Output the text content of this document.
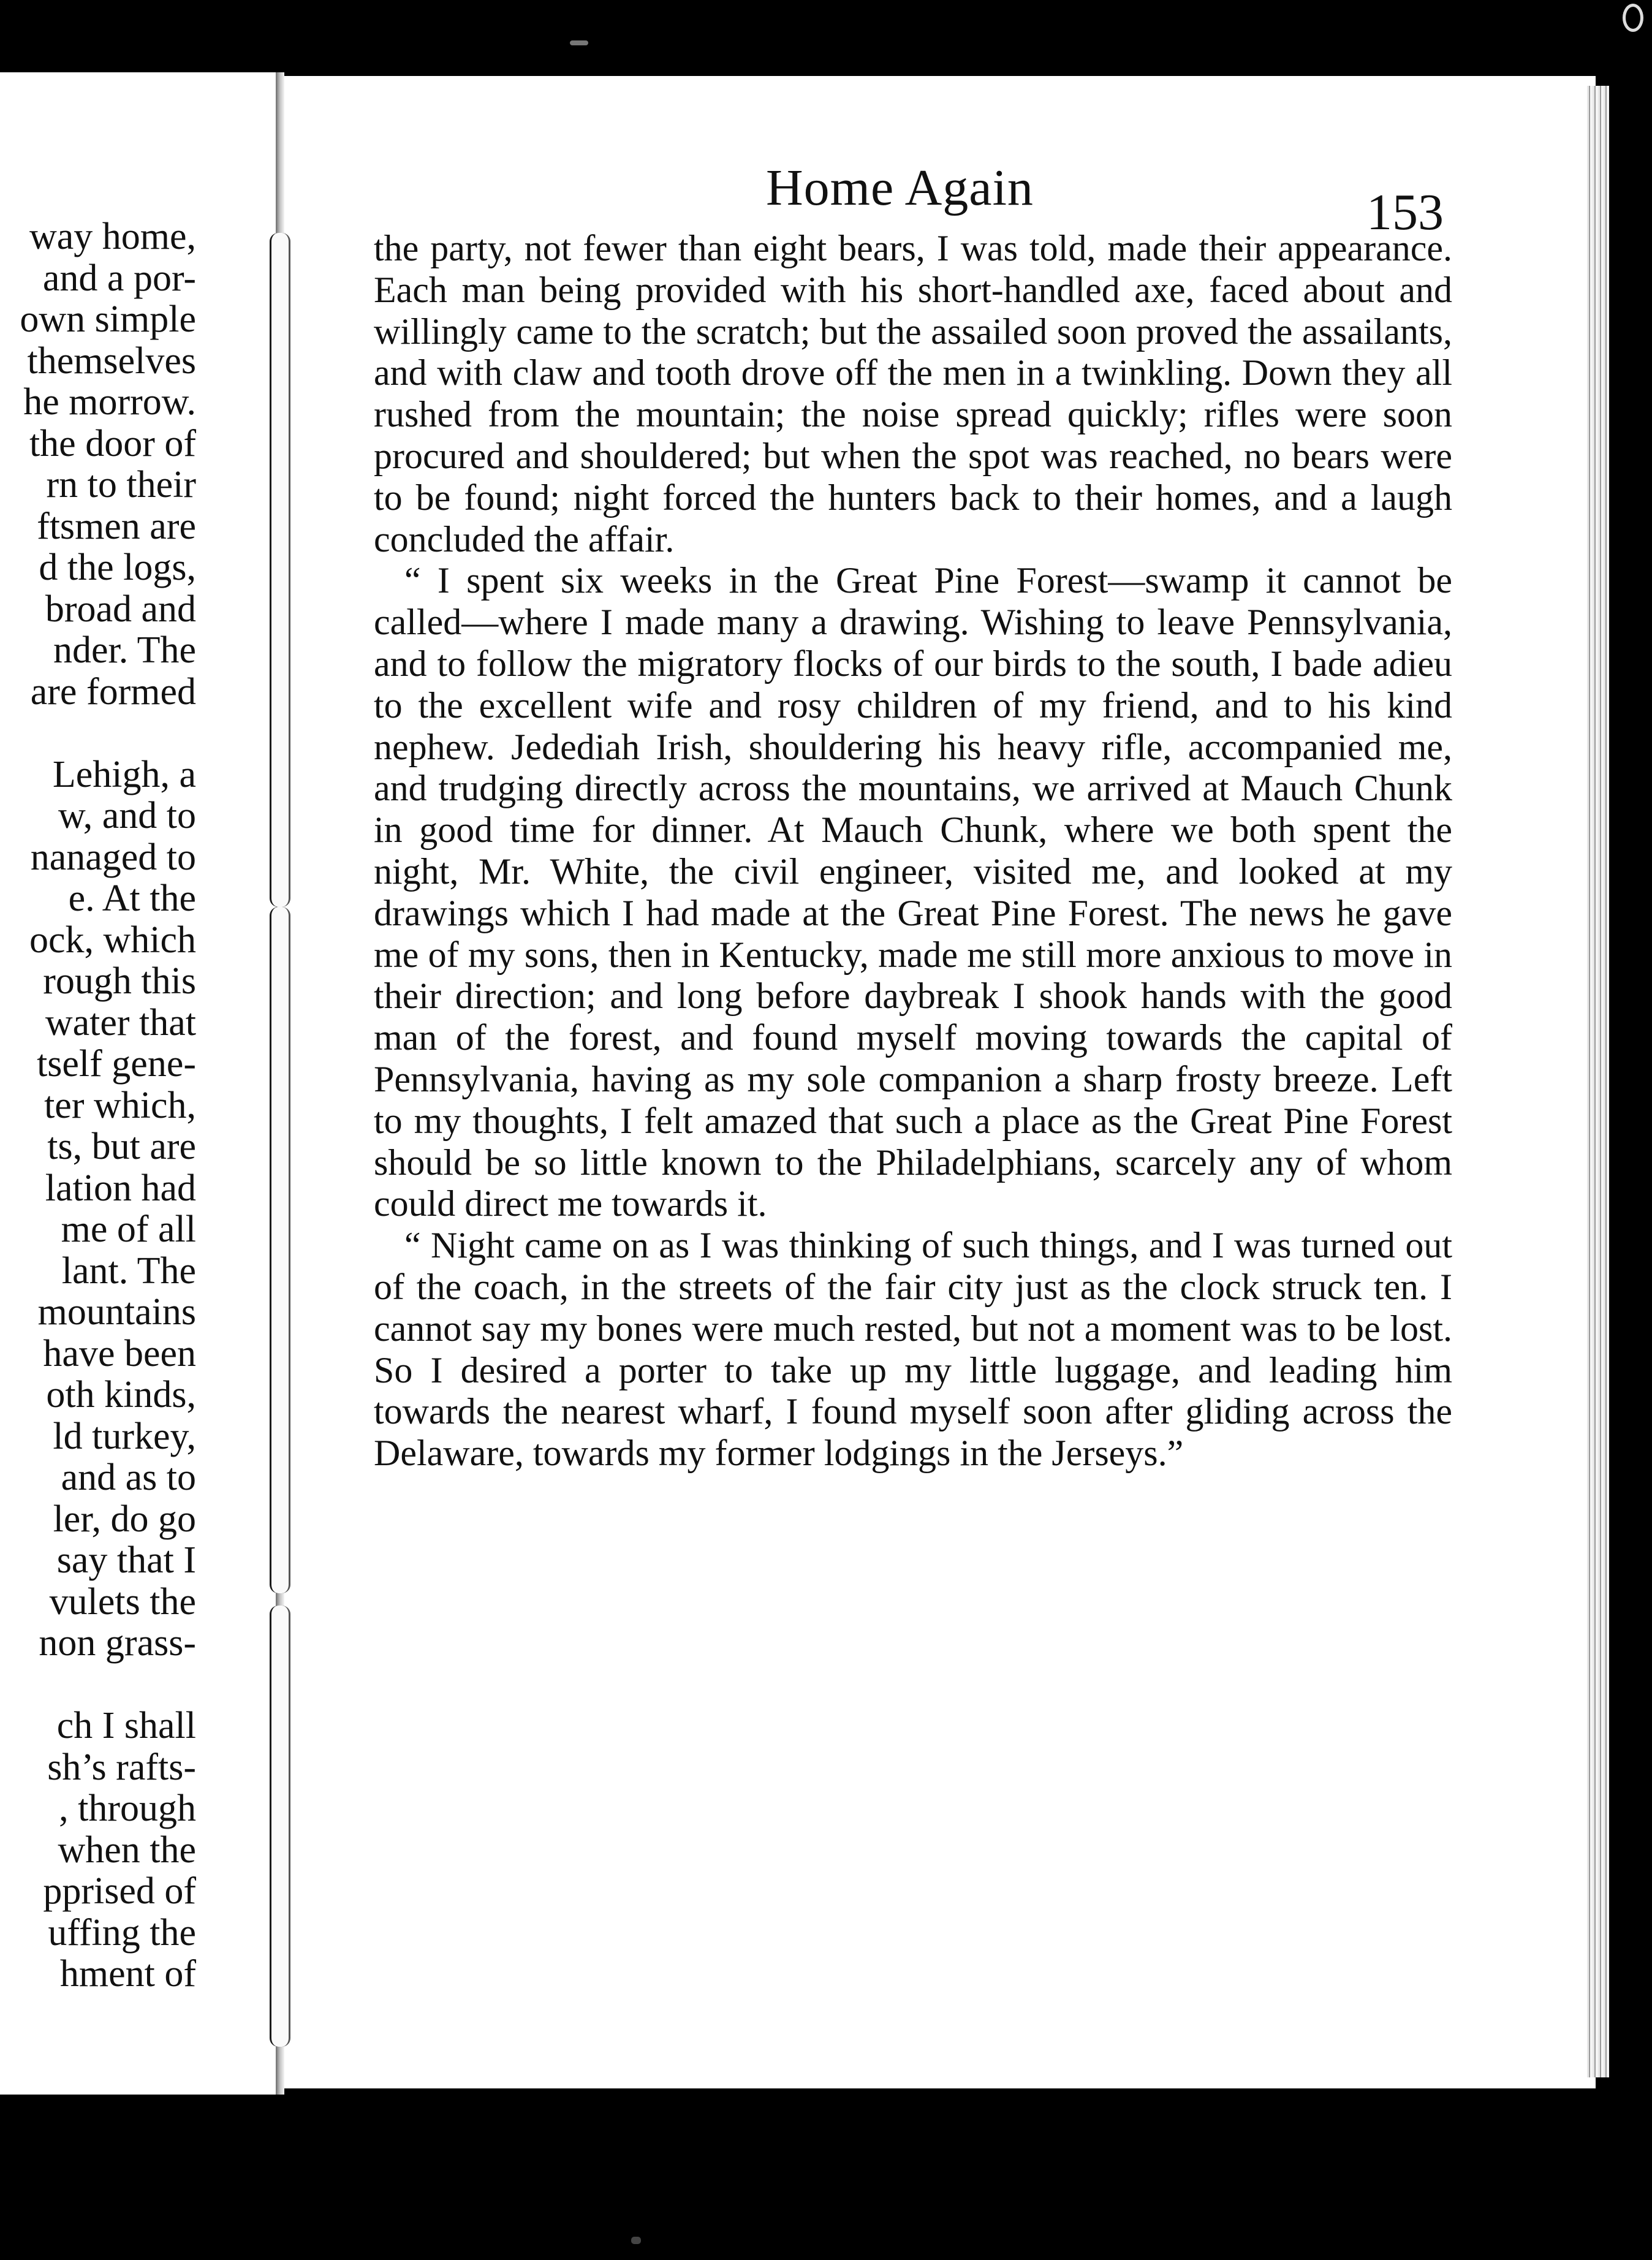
way home,
and a por-
own simple
themselves
he morrow.
the door of
rn to their
ftsmen are
d the logs,
broad and
nder. The
are formed
Lehigh, a
w, and to
nanaged to
e. At the
ock, which
rough this
water that
tself gene-
ter which,
ts, but are
lation had
me of all
lant. The
mountains
have been
oth kinds,
ld turkey,
and as to
ler, do go
say that I
vulets the
non grass-
ch I shall
sh’s rafts-
, through
when the
pprised of
uffing the
hment of
Home Again	153

the party, not fewer than eight bears, I was told, made their appearance. Each man being provided with his short-handled axe, faced about and willingly came to the scratch; but the assailed soon proved the assailants, and with claw and tooth drove off the men in a twinkling. Down they all rushed from the mountain; the noise spread quickly; rifles were soon procured and shouldered; but when the spot was reached, no bears were to be found; night forced the hunters back to their homes, and a laugh concluded the affair.

“ I spent six weeks in the Great Pine Forest—swamp it cannot be called—where I made many a drawing. Wishing to leave Pennsylvania, and to follow the migratory flocks of our birds to the south, I bade adieu to the excellent wife and rosy children of my friend, and to his kind nephew. Jedediah Irish, shouldering his heavy rifle, accompanied me, and trudging directly across the mountains, we arrived at Mauch Chunk in good time for dinner. At Mauch Chunk, where we both spent the night, Mr. White, the civil engineer, visited me, and looked at my drawings which I had made at the Great Pine Forest. The news he gave me of my sons, then in Kentucky, made me still more anxious to move in their direction; and long before daybreak I shook hands with the good man of the forest, and found myself moving towards the capital of Pennsylvania, having as my sole companion a sharp frosty breeze. Left to my thoughts, I felt amazed that such a place as the Great Pine Forest should be so little known to the Philadelphians, scarcely any of whom could direct me towards it.

“ Night came on as I was thinking of such things, and I was turned out of the coach, in the streets of the fair city just as the clock struck ten. I cannot say my bones were much rested, but not a moment was to be lost. So I desired a porter to take up my little luggage, and leading him towards the nearest wharf, I found myself soon after gliding across the Delaware, towards my former lodgings in the Jerseys.”
